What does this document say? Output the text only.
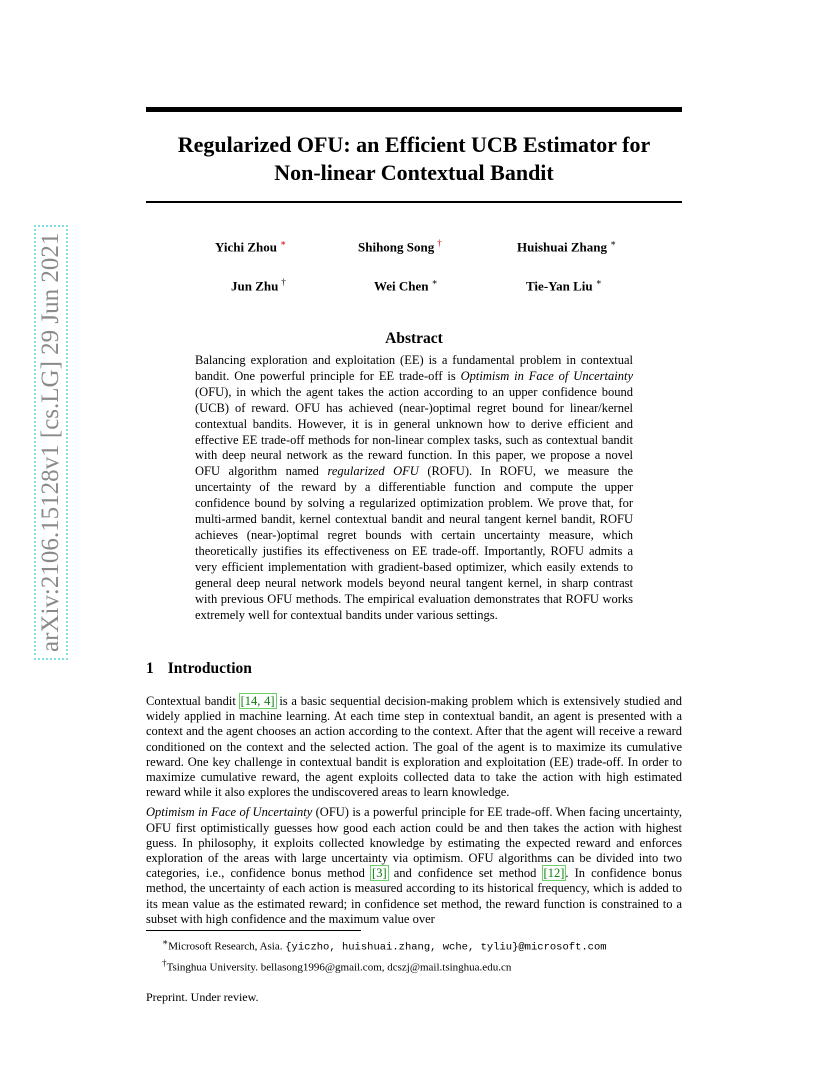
arXiv:2106.15128v1 [cs.LG] 29 Jun 2021
Regularized OFU: an Efficient UCB Estimator for
Non-linear Contextual Bandit
Yichi Zhou ∗	Shihong Song †	Huishuai Zhang ∗
Jun Zhu †	Wei Chen ∗	Tie-Yan Liu ∗
Abstract

Balancing exploration and exploitation (EE) is a fundamental problem in contextual bandit. One powerful principle for EE trade-off is Optimism in Face of Uncertainty (OFU), in which the agent takes the action according to an upper confidence bound (UCB) of reward. OFU has achieved (near-)optimal regret bound for linear/kernel contextual bandits. However, it is in general unknown how to derive efficient and effective EE trade-off methods for non-linear complex tasks, such as contextual bandit with deep neural network as the reward function. In this paper, we propose a novel OFU algorithm named regularized OFU (ROFU). In ROFU, we measure the uncertainty of the reward by a differentiable function and compute the upper confidence bound by solving a regularized optimization problem. We prove that, for multi-armed bandit, kernel contextual bandit and neural tangent kernel bandit, ROFU achieves (near-)optimal regret bounds with certain uncertainty measure, which theoretically justifies its effectiveness on EE trade-off. Importantly, ROFU admits a very efficient implementation with gradient-based optimizer, which easily extends to general deep neural network models beyond neural tangent kernel, in sharp contrast with previous OFU methods. The empirical evaluation demonstrates that ROFU works extremely well for contextual bandits under various settings.

1 Introduction

Contextual bandit [14, 4] is a basic sequential decision-making problem which is extensively studied and widely applied in machine learning. At each time step in contextual bandit, an agent is presented with a context and the agent chooses an action according to the context. After that the agent will receive a reward conditioned on the context and the selected action. The goal of the agent is to maximize its cumulative reward. One key challenge in contextual bandit is exploration and exploitation (EE) trade-off. In order to maximize cumulative reward, the agent exploits collected data to take the action with high estimated reward while it also explores the undiscovered areas to learn knowledge.

Optimism in Face of Uncertainty (OFU) is a powerful principle for EE trade-off. When facing uncertainty, OFU first optimistically guesses how good each action could be and then takes the action with highest guess. In philosophy, it exploits collected knowledge by estimating the expected reward and enforces exploration of the areas with large uncertainty via optimism. OFU algorithms can be divided into two categories, i.e., confidence bonus method [3] and confidence set method [12]. In confidence bonus method, the uncertainty of each action is measured according to its historical frequency, which is added to its mean value as the estimated reward; in confidence set method, the reward function is constrained to a subset with high confidence and the maximum value over

∗Microsoft Research, Asia. {yiczho, huishuai.zhang, wche, tyliu}@microsoft.com
†Tsinghua University. bellasong1996@gmail.com, dcszj@mail.tsinghua.edu.cn
Preprint. Under review.
